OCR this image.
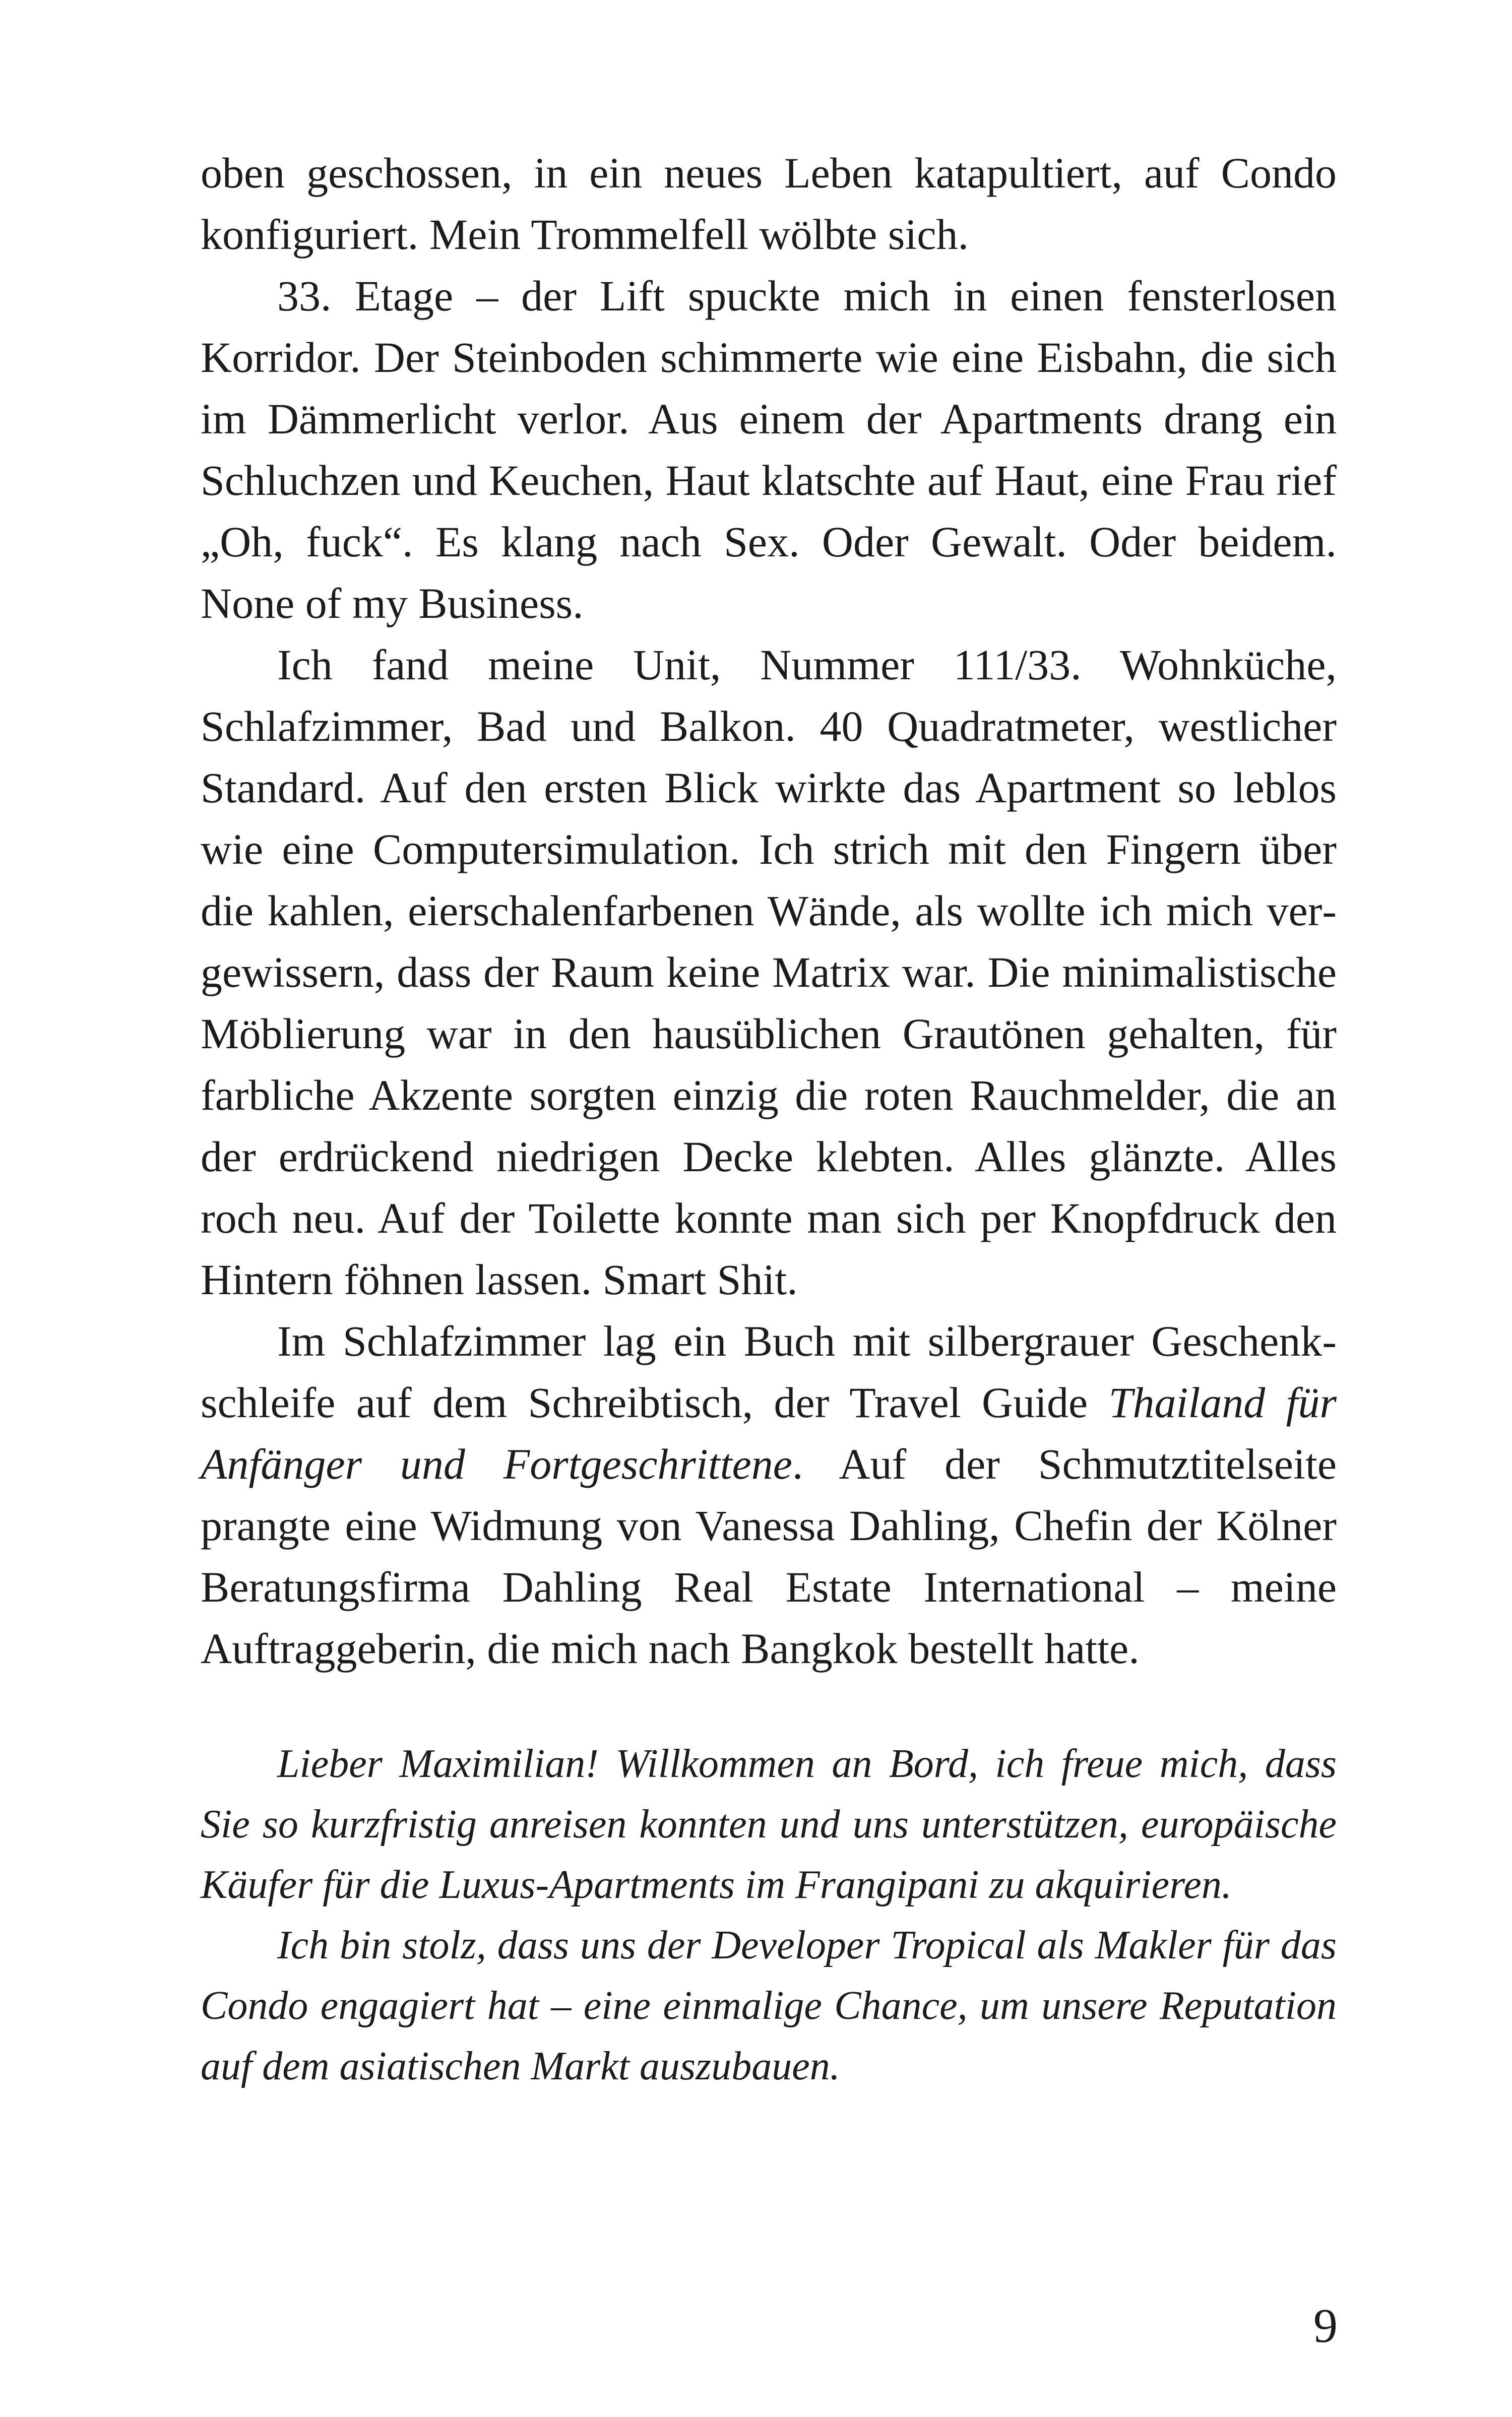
oben geschossen, in ein neues Leben katapultiert, auf Condo konfiguriert. Mein Trommelfell wölbte sich.

33. Etage – der Lift spuckte mich in einen fensterlosen Korridor. Der Steinboden schimmerte wie eine Eisbahn, die sich im Dämmerlicht verlor. Aus einem der Apartments drang ein Schluchzen und Keuchen, Haut klatschte auf Haut, eine Frau rief „Oh, fuck“. Es klang nach Sex. Oder Gewalt. Oder beidem. None of my Business.

Ich fand meine Unit, Nummer 111/33. Wohnküche, Schlafzimmer, Bad und Balkon. 40 Quadratmeter, westlicher Standard. Auf den ersten Blick wirkte das Apartment so leblos wie eine Computersimulation. Ich strich mit den Fingern über die kahlen, eierschalenfarbenen Wände, als wollte ich mich vergewissern, dass der Raum keine Matrix war. Die minimalistische Möblierung war in den hausüblichen Grautönen gehalten, für farbliche Akzente sorgten einzig die roten Rauchmelder, die an der erdrückend niedrigen Decke klebten. Alles glänzte. Alles roch neu. Auf der Toilette konnte man sich per Knopfdruck den Hintern föhnen lassen. Smart Shit.

Im Schlafzimmer lag ein Buch mit silbergrauer Geschenkschleife auf dem Schreibtisch, der Travel Guide Thailand für Anfänger und Fortgeschrittene. Auf der Schmutztitelseite prangte eine Widmung von Vanessa Dahling, Chefin der Kölner Beratungsfirma Dahling Real Estate International – meine Auftraggeberin, die mich nach Bangkok bestellt hatte.

Lieber Maximilian! Willkommen an Bord, ich freue mich, dass Sie so kurzfristig anreisen konnten und uns unterstützen, europäische Käufer für die Luxus-Apartments im Frangipani zu akquirieren.

Ich bin stolz, dass uns der Developer Tropical als Makler für das Condo engagiert hat – eine einmalige Chance, um unsere Reputation auf dem asiatischen Markt auszubauen.

9
